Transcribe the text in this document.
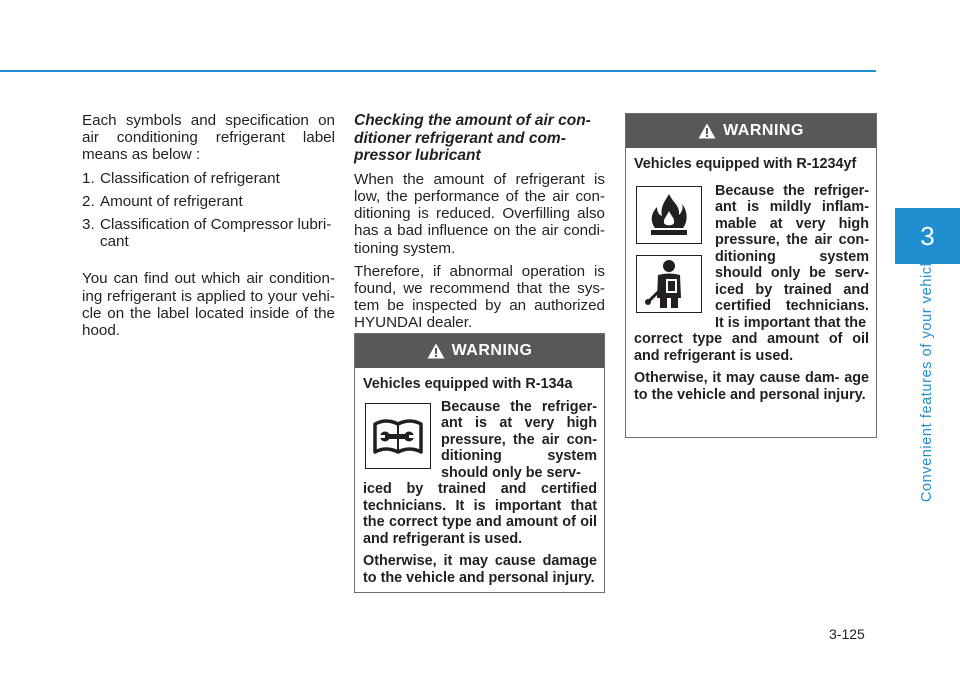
Each symbols and specification on air conditioning refrigerant label means as below :

1. Classification of refrigerant
2. Amount of refrigerant
3. Classification of Compressor lubri- cant

You can find out which air condition- ing refrigerant is applied to your vehi- cle on the label located inside of the hood.

Checking the amount of air con- ditioner refrigerant and com- pressor lubricant

When the amount of refrigerant is low, the performance of the air con- ditioning is reduced. Overfilling also has a bad influence on the air condi- tioning system.

Therefore, if abnormal operation is found, we recommend that the sys- tem be inspected by an authorized HYUNDAI dealer.

WARNING

Vehicles equipped with R-134a

Because the refriger- ant is at very high pressure, the air con- ditioning system should only be serv-

iced by trained and certified technicians. It is important that the correct type and amount of oil and refrigerant is used.

Otherwise, it may cause damage to the vehicle and personal injury.

WARNING

Vehicles equipped with R-1234yf

Because the refriger- ant is mildly inflam- mable at very high pressure, the air con- ditioning system should only be serv- iced by trained and certified technicians. It is important that the

correct type and amount of oil and refrigerant is used.

Otherwise, it may cause dam- age to the vehicle and personal injury.

3
Convenient features of your vehicle
3-125
